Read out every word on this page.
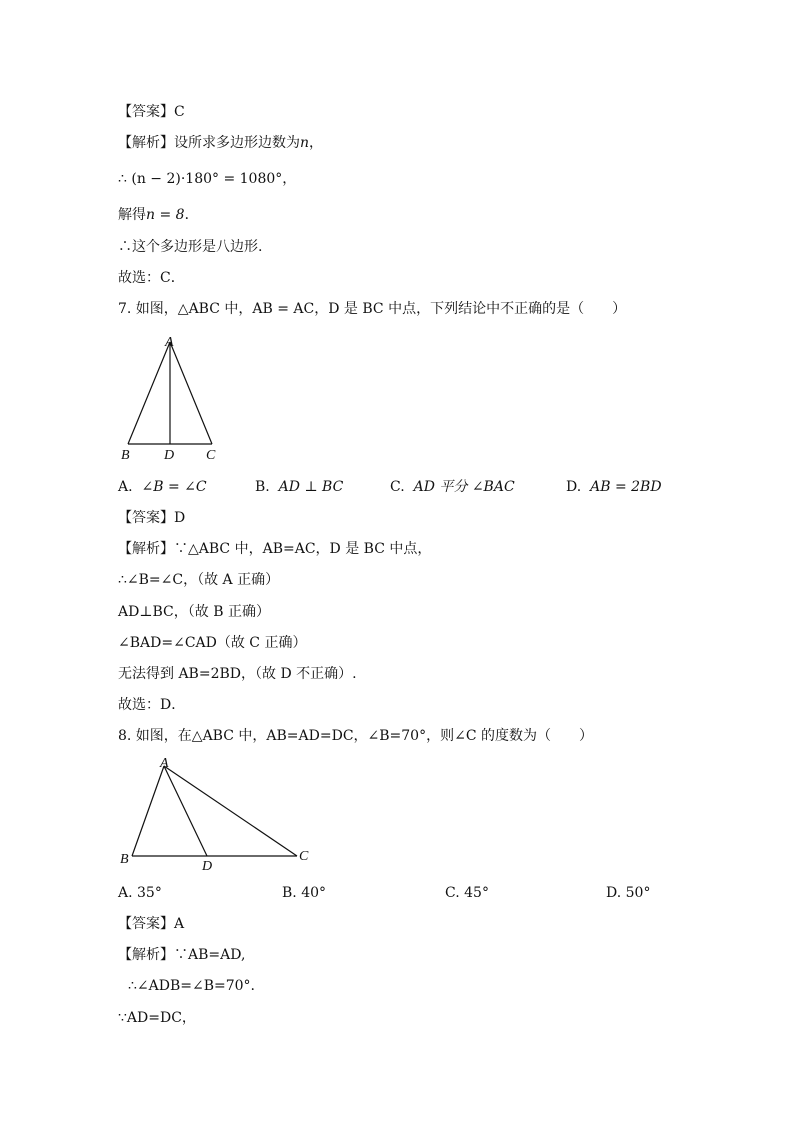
【答案】C
【解析】设所求多边形边数为n，
∴ (n − 2)·180° = 1080°，
解得n = 8．
∴这个多边形是八边形.
故选：C．
7. 如图，△ABC 中，AB = AC，D 是 BC 中点，下列结论中不正确的是（　　）
A
B D C
A. ∠B = ∠C	B. AD ⊥ BC	C. AD 平分 ∠BAC	D. AB = 2BD
【答案】D
【解析】∵△ABC 中，AB=AC，D 是 BC 中点，
∴∠B=∠C，（故 A 正确）
AD⊥BC，（故 B 正确）
∠BAD=∠CAD（故 C 正确）
无法得到 AB=2BD，（故 D 不正确）.
故选：D．
8. 如图，在△ABC 中，AB=AD=DC，∠B=70°，则∠C 的度数为（　　）
A
B	D
C
A. 35°	B. 40°	C. 45°	D. 50°
【答案】A
【解析】∵AB=AD,
∴∠ADB=∠B=70°.
∵AD=DC，
